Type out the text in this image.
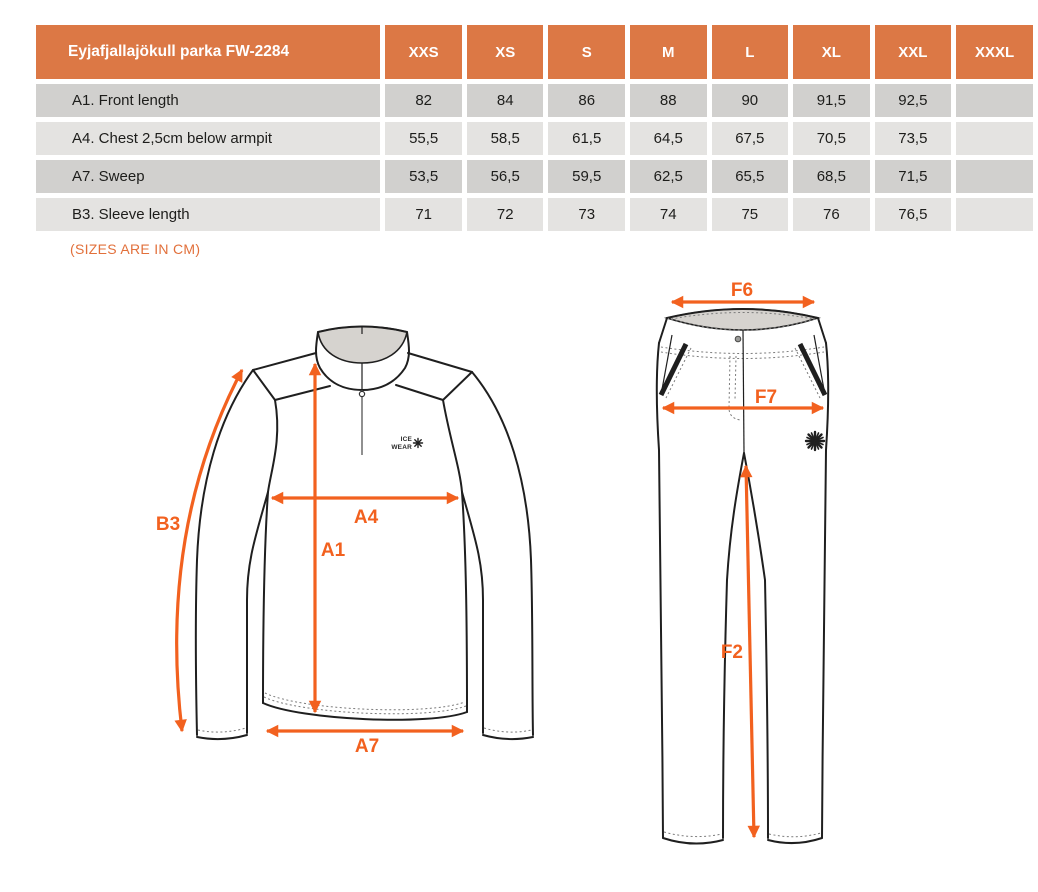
Eyjafjallajökull parka FW-2284	XXS	XS	S	M	L	XL	XXL	XXXL
A1. Front length	82	84	86	88	90	91,5	92,5	
A4. Chest 2,5cm below armpit	55,5	58,5	61,5	64,5	67,5	70,5	73,5	
A7. Sweep	53,5	56,5	59,5	62,5	65,5	68,5	71,5	
B3. Sleeve length	71	72	73	74	75	76	76,5	
(SIZES ARE IN CM)
ICE
WEAR
B3	A4
A1
A7
F6
F7
F2
